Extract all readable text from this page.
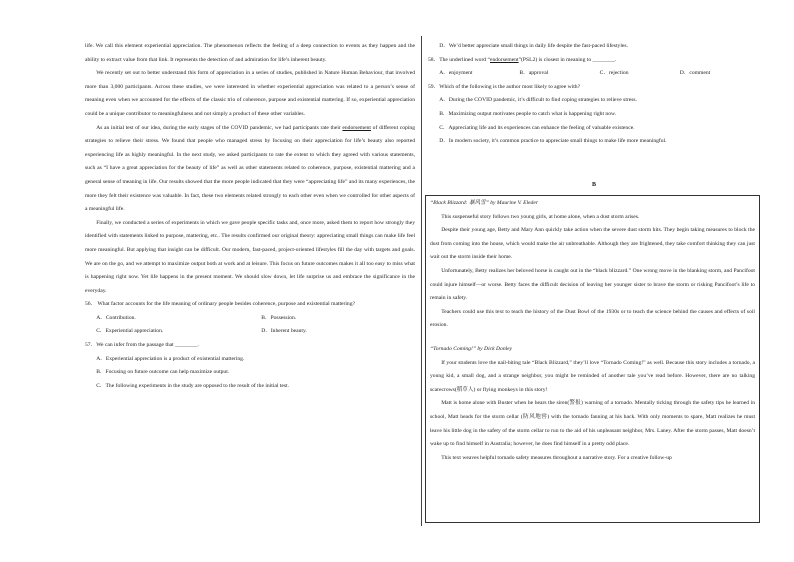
life. We call this element experiential appreciation. The phenomenon reflects the feeling of a deep connection to events as they happen and the ability to extract value from that link. It represents the detection of and admiration for life’s inherent beauty.

We recently set out to better understand this form of appreciation in a series of studies, published in Nature Human Behaviour, that involved more than 3,000 participants. Across these studies, we were interested in whether experiential appreciation was related to a person’s sense of meaning even when we accounted for the effects of the classic trio of coherence, purpose and existential mattering. If so, experiential appreciation could be a unique contributor to meaningfulness and not simply a product of these other variables.

As an initial test of our idea, during the early stages of the COVID pandemic, we had participants rate their endorsement of different coping strategies to relieve their stress. We found that people who managed stress by focusing on their appreciation for life’s beauty also reported experiencing life as highly meaningful. In the next study, we asked participants to rate the extent to which they agreed with various statements, such as “I have a great appreciation for the beauty of life” as well as other statements related to coherence, purpose, existential mattering and a general sense of meaning in life. Our results showed that the more people indicated that they were “appreciating life” and its many experiences, the more they felt their existence was valuable. In fact, these two elements related strongly to each other even when we controlled for other aspects of a meaningful life.

Finally, we conducted a series of experiments in which we gave people specific tasks and, once more, asked them to report how strongly they identified with statements linked to purpose, mattering, etc.. The results confirmed our original theory: appreciating small things can make life feel more meaningful. But applying that insight can be difficult. Our modern, fast-paced, project-oriented lifestyles fill the day with targets and goals. We are on the go, and we attempt to maximize output both at work and at leisure. This focus on future outcomes makes it all too easy to miss what is happening right now. Yet life happens in the present moment. We should slow down, let life surprise us and embrace the significance in the everyday.

56． What factor accounts for the life meaning of ordinary people besides coherence, purpose and existential mattering?

A．Contribution.	B．Possession.
C．Experiential appreciation.	D．Inherent beauty.

57．We can infer from the passage that ________.

A．Experiential appreciation is a product of existential mattering.
B．Focusing on future outcome can help maximize output.
C．The following experiments in the study are opposed to the result of the initial test.
D．We’d better appreciate small things in daily life despite the fast-paced lifestyles.

58．The underlined word “endorsement”(PSL2) is closest in meaning to ________.

A．enjoyment	B．approval	C．rejection	D．comment

59．Which of the following is the author most likely to agree with?

A．During the COVID pandemic, it’s difficult to find coping strategies to relieve stress.
B．Maximizing output motivates people to catch what is happening right now.
C．Appreciating life and its experiences can enhance the feeling of valuable existence.
D．In modern society, it’s common practice to appreciate small things to make life more meaningful.
B

“Black Blizzard: 暴风雪” by Maurine V. Eleder

This suspenseful story follows two young girls, at home alone, when a dust storm arises.

Despite their young age, Betty and Mary Ann quickly take action when the severe dust storm hits. They begin taking measures to block the dust from coming into the house, which would make the air unbreathable. Although they are frightened, they take comfort thinking they can just wait out the storm inside their home.

Unfortunately, Betty realizes her beloved horse is caught out in the “black blizzard.” One wrong move in the blanking storm, and Pancifoot could injure himself—or worse. Betty faces the difficult decision of leaving her younger sister to brave the storm or risking Pancifoot’s life to remain in safety.

Teachers could use this text to teach the history of the Dust Bowl of the 1930s or to teach the science behind the causes and effects of soil erosion.

“Tornado Coming!” by Dick Donley

If your students love the nail-biting tale “Black Blizzard,” they’ll love “Tornado Coming!” as well. Because this story includes a tornado, a young kid, a small dog, and a strange neighbor, you might be reminded of another tale you’ve read before. However, there are no talking scarecrows(稻草人) or flying monkeys in this story!

Matt is home alone with Buster when he hears the siren(警报) warning of a tornado. Mentally ticking through the safety tips he learned in school, Matt heads for the storm cellar (防风地窖) with the tornado fanning at his back. With only moments to spare, Matt realizes he must leave his little dog in the safety of the storm cellar to run to the aid of his unpleasant neighbor, Mrs. Laney. After the storm passes, Matt doesn’t wake up to find himself in Australia; however, he does find himself in a pretty odd place.

This text weaves helpful tornado safety measures throughout a narrative story. For a creative follow-up
